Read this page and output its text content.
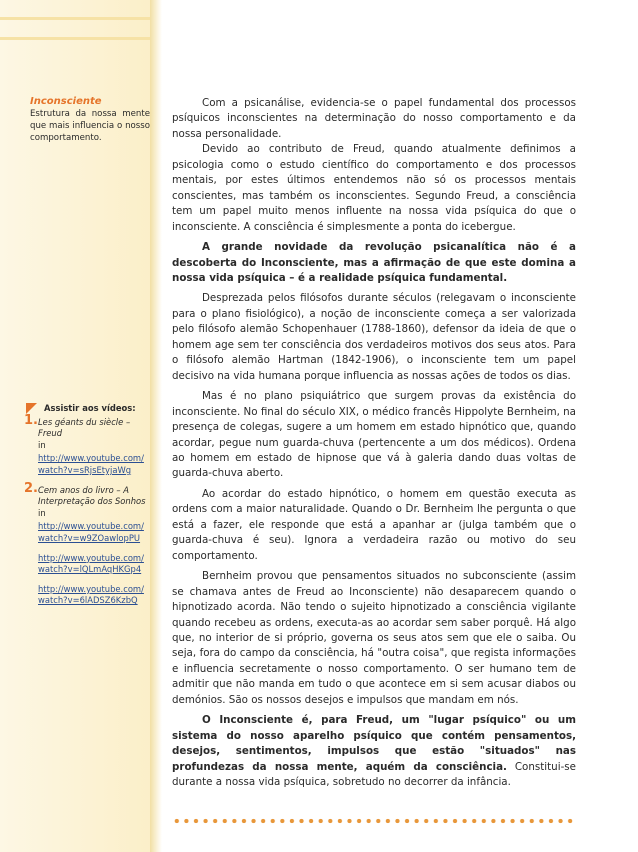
Inconsciente
Estrutura da nossa mente que mais influencia o nosso comportamento.
Assistir aos vídeos:
1. Les géants du siècle – Freud
in
http://www.youtube.com/watch?v=sRjsEtyjaWg
2. Cem anos do livro – A Interpretação dos Sonhos
in
http://www.youtube.com/watch?v=w9ZOawlopPU
http://www.youtube.com/watch?v=lQLmAqHKGp4
http://www.youtube.com/watch?v=6lADSZ6KzbQ

Com a psicanálise, evidencia-se o papel fundamental dos processos psíquicos inconscientes na determinação do nosso comportamento e da nossa personalidade.

Devido ao contributo de Freud, quando atualmente definimos a psicologia como o estudo científico do comportamento e dos processos mentais, por estes últimos entendemos não só os processos mentais conscientes, mas também os inconscientes. Segundo Freud, a consciência tem um papel muito menos influente na nossa vida psíquica do que o inconsciente. A consciência é simplesmente a ponta do icebergue.

A grande novidade da revolução psicanalítica não é a descoberta do Inconsciente, mas a afirmação de que este domina a nossa vida psíquica – é a realidade psíquica fundamental.

Desprezada pelos filósofos durante séculos (relegavam o inconsciente para o plano fisiológico), a noção de inconsciente começa a ser valorizada pelo filósofo alemão Schopenhauer (1788-1860), defensor da ideia de que o homem age sem ter consciência dos verdadeiros motivos dos seus atos. Para o filósofo alemão Hartman (1842-1906), o inconsciente tem um papel decisivo na vida humana porque influencia as nossas ações de todos os dias.

Mas é no plano psiquiátrico que surgem provas da existência do inconsciente. No final do século XIX, o médico francês Hippolyte Bernheim, na presença de colegas, sugere a um homem em estado hipnótico que, quando acordar, pegue num guarda-chuva (pertencente a um dos médicos). Ordena ao homem em estado de hipnose que vá à galeria dando duas voltas de guarda-chuva aberto.

Ao acordar do estado hipnótico, o homem em questão executa as ordens com a maior naturalidade. Quando o Dr. Bernheim lhe pergunta o que está a fazer, ele responde que está a apanhar ar (julga também que o guarda-chuva é seu). Ignora a verdadeira razão ou motivo do seu comportamento.

Bernheim provou que pensamentos situados no subconsciente (assim se chamava antes de Freud ao Inconsciente) não desaparecem quando o hipnotizado acorda. Não tendo o sujeito hipnotizado a consciência vigilante quando recebeu as ordens, executa-as ao acordar sem saber porquê. Há algo que, no interior de si próprio, governa os seus atos sem que ele o saiba. Ou seja, fora do campo da consciência, há "outra coisa", que regista informações e influencia secretamente o nosso comportamento. O ser humano tem de admitir que não manda em tudo o que acontece em si sem acusar diabos ou demónios. São os nossos desejos e impulsos que mandam em nós.

O Inconsciente é, para Freud, um "lugar psíquico" ou um sistema do nosso aparelho psíquico que contém pensamentos, desejos, sentimentos, impulsos que estão "situados" nas profundezas da nossa mente, aquém da consciência. Constitui-se durante a nossa vida psíquica, sobretudo no decorrer da infância.
